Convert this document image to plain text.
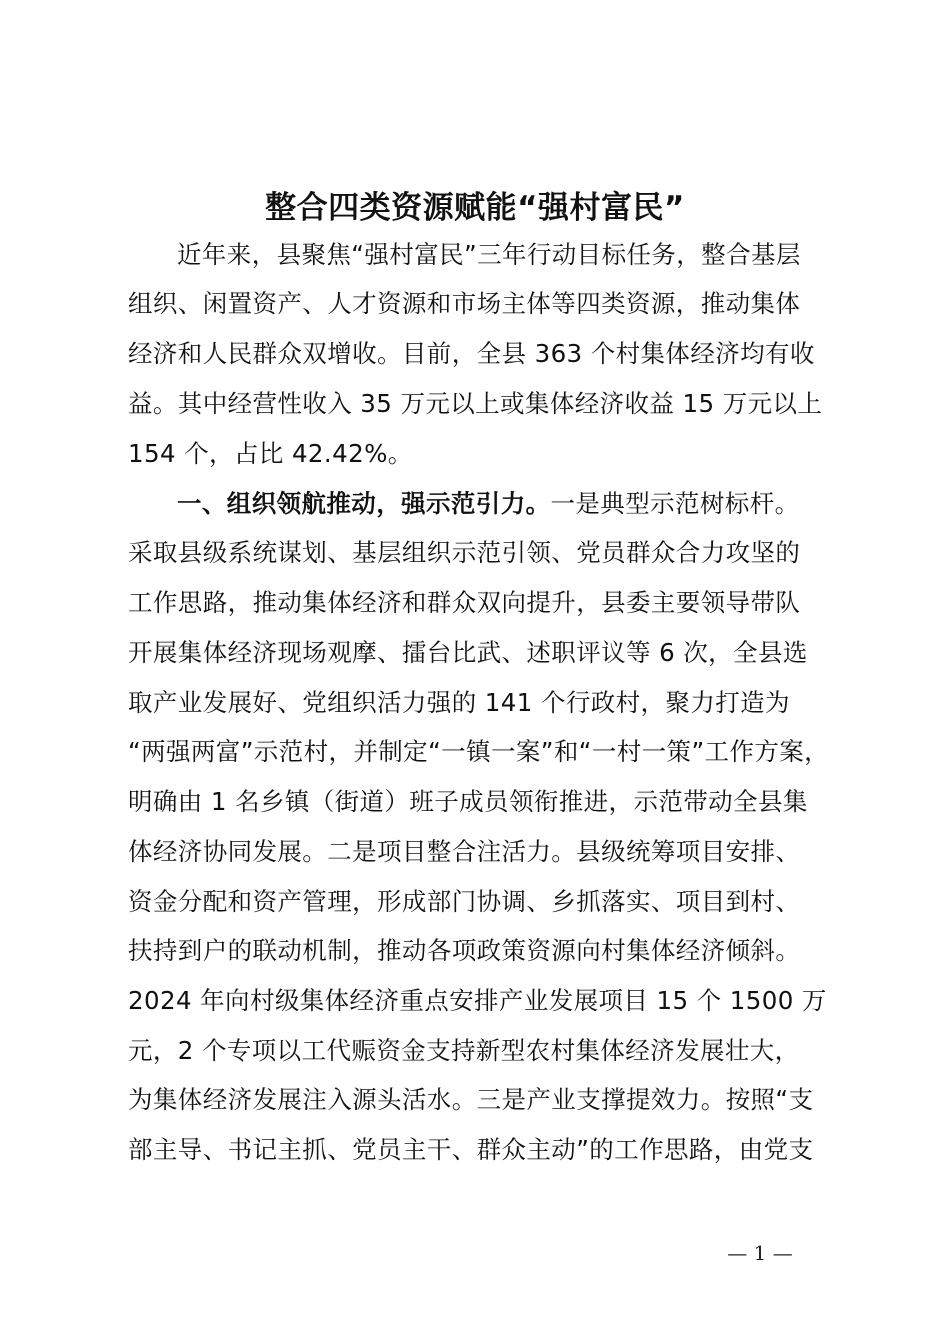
整合四类资源赋能“强村富民”

近年来，县聚焦“强村富民”三年行动目标任务，整合基层

组织、闲置资产、人才资源和市场主体等四类资源，推动集体

经济和人民群众双增收。目前，全县 363 个村集体经济均有收

益。其中经营性收入 35 万元以上或集体经济收益 15 万元以上

154 个，占比 42.42%。

一、组织领航推动，强示范引力。一是典型示范树标杆。

采取县级系统谋划、基层组织示范引领、党员群众合力攻坚的

工作思路，推动集体经济和群众双向提升，县委主要领导带队

开展集体经济现场观摩、擂台比武、述职评议等 6 次，全县选

取产业发展好、党组织活力强的 141 个行政村，聚力打造为

“两强两富”示范村，并制定“一镇一案”和“一村一策”工作方案，

明确由 1 名乡镇（街道）班子成员领衔推进，示范带动全县集

体经济协同发展。二是项目整合注活力。县级统筹项目安排、

资金分配和资产管理，形成部门协调、乡抓落实、项目到村、

扶持到户的联动机制，推动各项政策资源向村集体经济倾斜。

2024 年向村级集体经济重点安排产业发展项目 15 个 1500 万

元，2 个专项以工代赈资金支持新型农村集体经济发展壮大，

为集体经济发展注入源头活水。三是产业支撑提效力。按照“支

部主导、书记主抓、党员主干、群众主动”的工作思路，由党支

— 1 —
